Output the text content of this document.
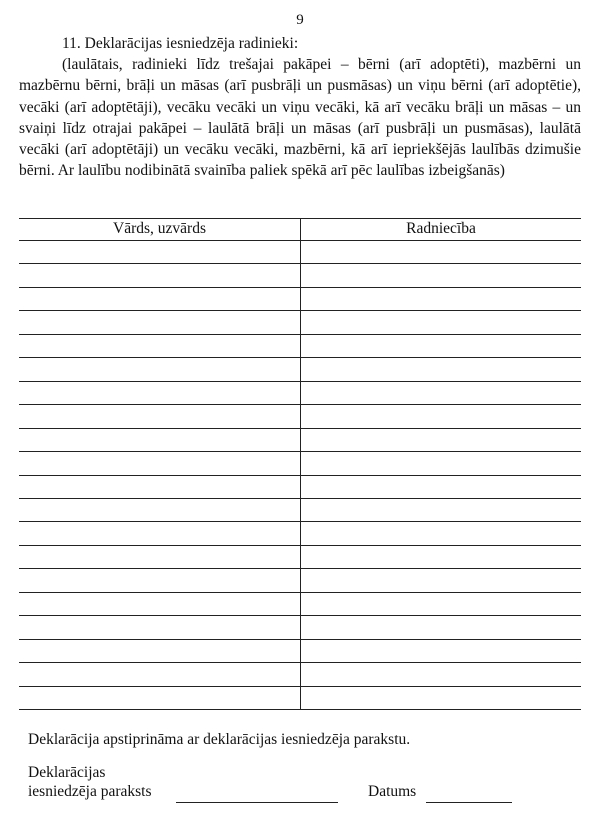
9
11. Deklarācijas iesniedzēja radinieki:
(laulātais, radinieki līdz trešajai pakāpei – bērni (arī adoptēti), mazbērni un mazbērnu bērni, brāļi un māsas (arī pusbrāļi un pusmāsas) un viņu bērni (arī adoptētie), vecāki (arī adoptētāji), vecāku vecāki un viņu vecāki, kā arī vecāku brāļi un māsas – un svaiņi līdz otrajai pakāpei – laulātā brāļi un māsas (arī pusbrāļi un pusmāsas), laulātā vecāki (arī adoptētāji) un vecāku vecāki, mazbērni, kā arī iepriekšējās laulībās dzimušie bērni. Ar laulību nodibinātā svainība paliek spēkā arī pēc laulības izbeigšanās)
Vārds, uzvārds	Radniecība
Deklarācija apstiprināma ar deklarācijas iesniedzēja parakstu.
Deklarācijas
iesniedzēja paraksts	Datums
